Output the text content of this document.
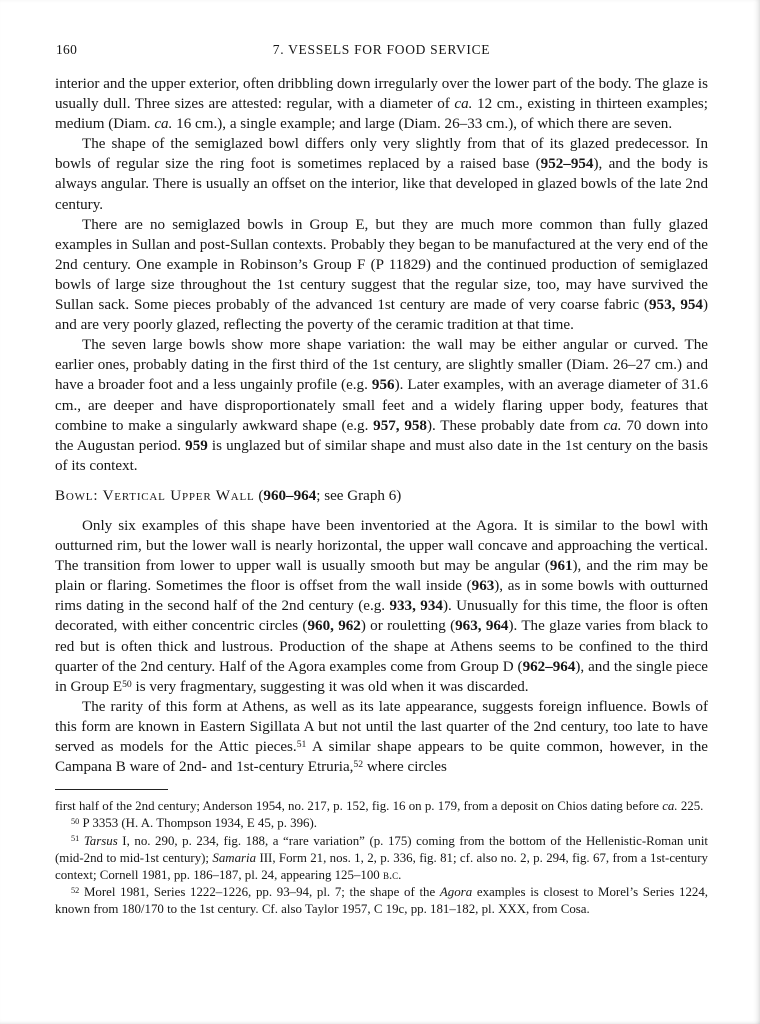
160	7. VESSELS FOR FOOD SERVICE

interior and the upper exterior, often dribbling down irregularly over the lower part of the body. The glaze is usually dull. Three sizes are attested: regular, with a diameter of ca. 12 cm., existing in thirteen examples; medium (Diam. ca. 16 cm.), a single example; and large (Diam. 26–33 cm.), of which there are seven.

The shape of the semiglazed bowl differs only very slightly from that of its glazed predecessor. In bowls of regular size the ring foot is sometimes replaced by a raised base (952–954), and the body is always angular. There is usually an offset on the interior, like that developed in glazed bowls of the late 2nd century.

There are no semiglazed bowls in Group E, but they are much more common than fully glazed examples in Sullan and post-Sullan contexts. Probably they began to be manufactured at the very end of the 2nd century. One example in Robinson’s Group F (P 11829) and the continued production of semiglazed bowls of large size throughout the 1st century suggest that the regular size, too, may have survived the Sullan sack. Some pieces probably of the advanced 1st century are made of very coarse fabric (953, 954) and are very poorly glazed, reflecting the poverty of the ceramic tradition at that time.

The seven large bowls show more shape variation: the wall may be either angular or curved. The earlier ones, probably dating in the first third of the 1st century, are slightly smaller (Diam. 26–27 cm.) and have a broader foot and a less ungainly profile (e.g. 956). Later examples, with an average diameter of 31.6 cm., are deeper and have disproportionately small feet and a widely flaring upper body, features that combine to make a singularly awkward shape (e.g. 957, 958). These probably date from ca. 70 down into the Augustan period. 959 is unglazed but of similar shape and must also date in the 1st century on the basis of its context.

Bowl: Vertical Upper Wall (960–964; see Graph 6)

Only six examples of this shape have been inventoried at the Agora. It is similar to the bowl with outturned rim, but the lower wall is nearly horizontal, the upper wall concave and approaching the vertical. The transition from lower to upper wall is usually smooth but may be angular (961), and the rim may be plain or flaring. Sometimes the floor is offset from the wall inside (963), as in some bowls with outturned rims dating in the second half of the 2nd century (e.g. 933, 934). Unusually for this time, the floor is often decorated, with either concentric circles (960, 962) or rouletting (963, 964). The glaze varies from black to red but is often thick and lustrous. Production of the shape at Athens seems to be confined to the third quarter of the 2nd century. Half of the Agora examples come from Group D (962–964), and the single piece in Group $E^{50}$ is very fragmentary, suggesting it was old when it was discarded.

The rarity of this form at Athens, as well as its late appearance, suggests foreign influence. Bowls of this form are known in Eastern Sigillata A but not until the last quarter of the 2nd century, too late to have served as models for the Attic pieces.$^{51}$ A similar shape appears to be quite common, however, in the Campana B ware of 2nd- and 1st-century Etruria,$^{52}$ where circles

first half of the 2nd century; Anderson 1954, no. 217, p. 152, fig. 16 on p. 179, from a deposit on Chios dating before ca. 225.

$^{50}$ P 3353 (H. A. Thompson 1934, E 45, p. 396).

$^{51}$ Tarsus I, no. 290, p. 234, fig. 188, a “rare variation” (p. 175) coming from the bottom of the Hellenistic-Roman unit (mid-2nd to mid-1st century); Samaria III, Form 21, nos. 1, 2, p. 336, fig. 81; cf. also no. 2, p. 294, fig. 67, from a 1st-century context; Cornell 1981, pp. 186–187, pl. 24, appearing 125–100 b.c.

$^{52}$ Morel 1981, Series 1222–1226, pp. 93–94, pl. 7; the shape of the Agora examples is closest to Morel’s Series 1224, known from 180/170 to the 1st century. Cf. also Taylor 1957, C 19c, pp. 181–182, pl. XXX, from Cosa.
